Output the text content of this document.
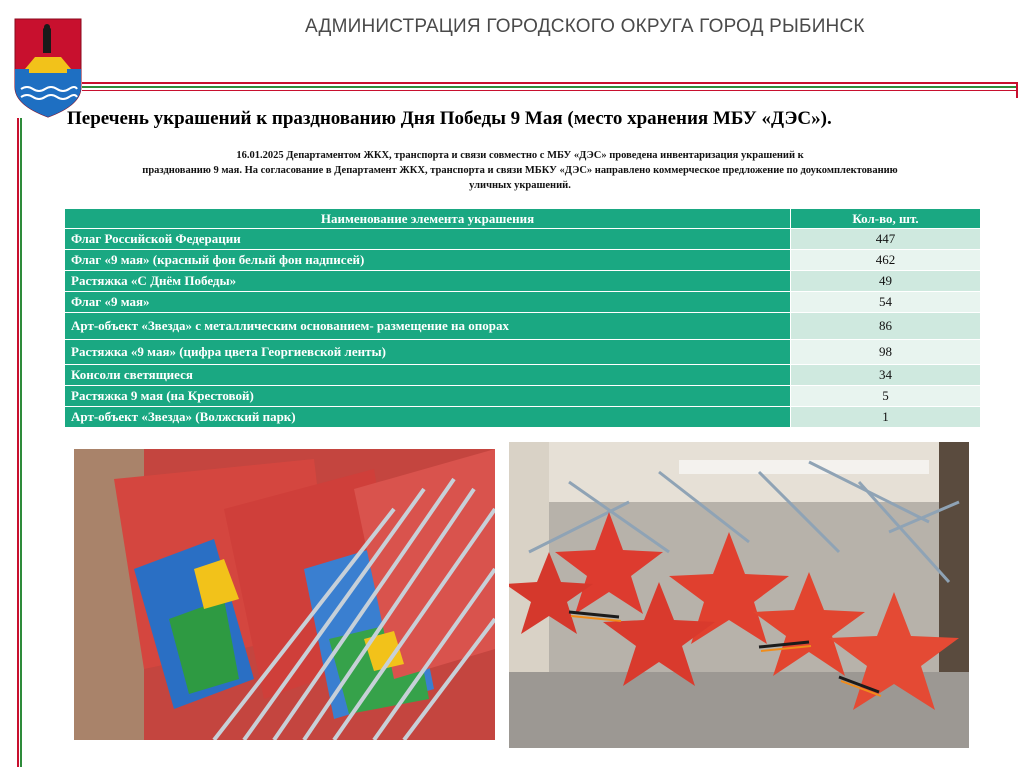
АДМИНИСТРАЦИЯ ГОРОДСКОГО ОКРУГА ГОРОД РЫБИНСК
Перечень украшений к празднованию Дня Победы 9 Мая (место хранения МБУ «ДЭС»).
16.01.2025 Департаментом ЖКХ, транспорта и связи совместно с МБУ «ДЭС» проведена инвентаризация украшений к
празднованию 9 мая. На согласование в Департамент ЖКХ, транспорта и связи МБКУ «ДЭС» направлено коммерческое предложение по доукомплектованию
уличных украшений.
Наименование элемента украшения	Кол-во, шт.
Флаг Российской Федерации	447
Флаг «9 мая» (красный фон белый фон надписей)	462
Растяжка «С Днём Победы»	49
Флаг «9 мая»	54
Арт-объект «Звезда» с металлическим основанием- размещение на опорах	86
Растяжка «9 мая» (цифра цвета Георгиевской ленты)	98
Консоли светящиеся	34
Растяжка 9 мая (на Крестовой)	5
Арт-объект «Звезда» (Волжский парк)	1
